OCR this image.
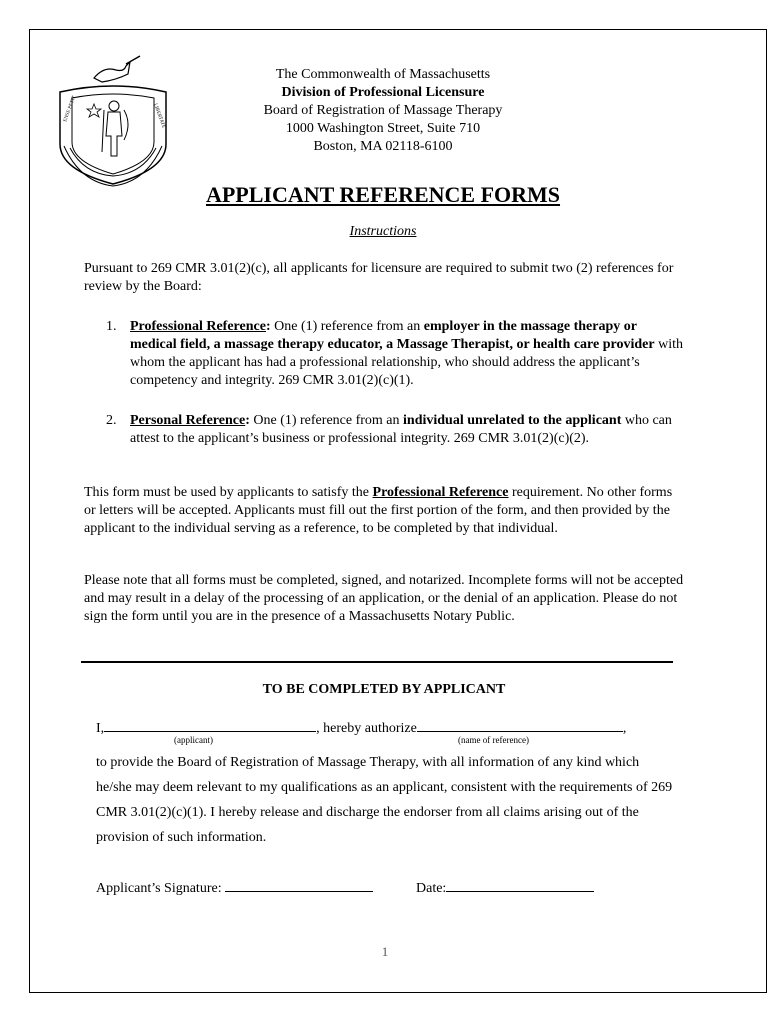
ENSE PETIT	LIBERTATE
The Commonwealth of Massachusetts
Division of Professional Licensure
Board of Registration of Massage Therapy
1000 Washington Street, Suite 710
Boston, MA 02118-6100
APPLICANT REFERENCE FORMS
Instructions
Pursuant to 269 CMR 3.01(2)(c), all applicants for licensure are required to submit two (2) references for review by the Board:
1. Professional Reference: One (1) reference from an employer in the massage therapy or medical field, a massage therapy educator, a Massage Therapist, or health care provider with whom the applicant has had a professional relationship, who should address the applicant’s competency and integrity. 269 CMR 3.01(2)(c)(1).
2. Personal Reference: One (1) reference from an individual unrelated to the applicant who can attest to the applicant’s business or professional integrity. 269 CMR 3.01(2)(c)(2).
This form must be used by applicants to satisfy the Professional Reference requirement. No other forms or letters will be accepted. Applicants must fill out the first portion of the form, and then provided by the applicant to the individual serving as a reference, to be completed by that individual.
Please note that all forms must be completed, signed, and notarized. Incomplete forms will not be accepted and may result in a delay of the processing of an application, or the denial of an application. Please do not sign the form until you are in the presence of a Massachusetts Notary Public.
TO BE COMPLETED BY APPLICANT
I,	, hereby authorize	,
(applicant)	(name of reference)
to provide the Board of Registration of Massage Therapy, with all information of any kind which he/she may deem relevant to my qualifications as an applicant, consistent with the requirements of 269 CMR 3.01(2)(c)(1). I hereby release and discharge the endorser from all claims arising out of the provision of such information.
Applicant’s Signature:	Date:
1
